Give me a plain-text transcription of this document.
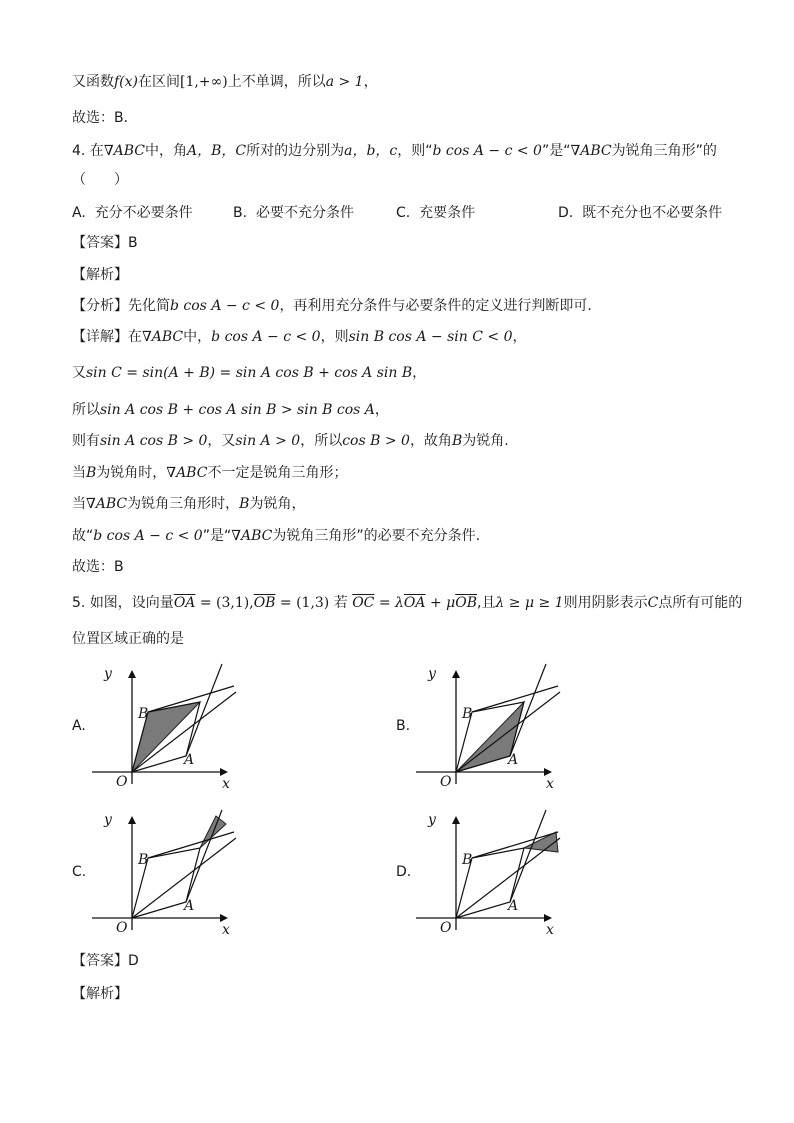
又函数f(x)在区间[1,+∞)上不单调，所以a > 1，
故选：B．
4. 在∇ABC中，角A，B，C所对的边分别为a，b，c，则“b cos A − c < 0”是“∇ABC为锐角三角形”的
（　　）
A. 充分不必要条件	B. 必要不充分条件	C. 充要条件	D. 既不充分也不必要条件
【答案】B
【解析】
【分析】先化简b cos A − c < 0，再利用充分条件与必要条件的定义进行判断即可.
【详解】在∇ABC中，b cos A − c < 0，则sin B cos A − sin C < 0，
又sin C = sin(A + B) = sin A cos B + cos A sin B，
所以sin A cos B + cos A sin B > sin B cos A，
则有sin A cos B > 0，又sin A > 0，所以cos B > 0，故角B为锐角.
当B为锐角时，∇ABC不一定是锐角三角形；
当∇ABC为锐角三角形时，B为锐角，
故“b cos A − c < 0”是“∇ABC为锐角三角形”的必要不充分条件.
故选：B
5. 如图，设向量$\overline{OA} = (3,1),\overline{OB} = (1,3)$ 若 $\overline{OC} = \lambda\overline{OA} + \mu\overline{OB}$,且λ ≥ μ ≥ 1则用阴影表示C点所有可能的
位置区域正确的是
A.	B.
C.	D.
y
x
O
A
B
y
x
O
A
B
y
x
O
A
B
y
x
O
A
B
【答案】D
【解析】
